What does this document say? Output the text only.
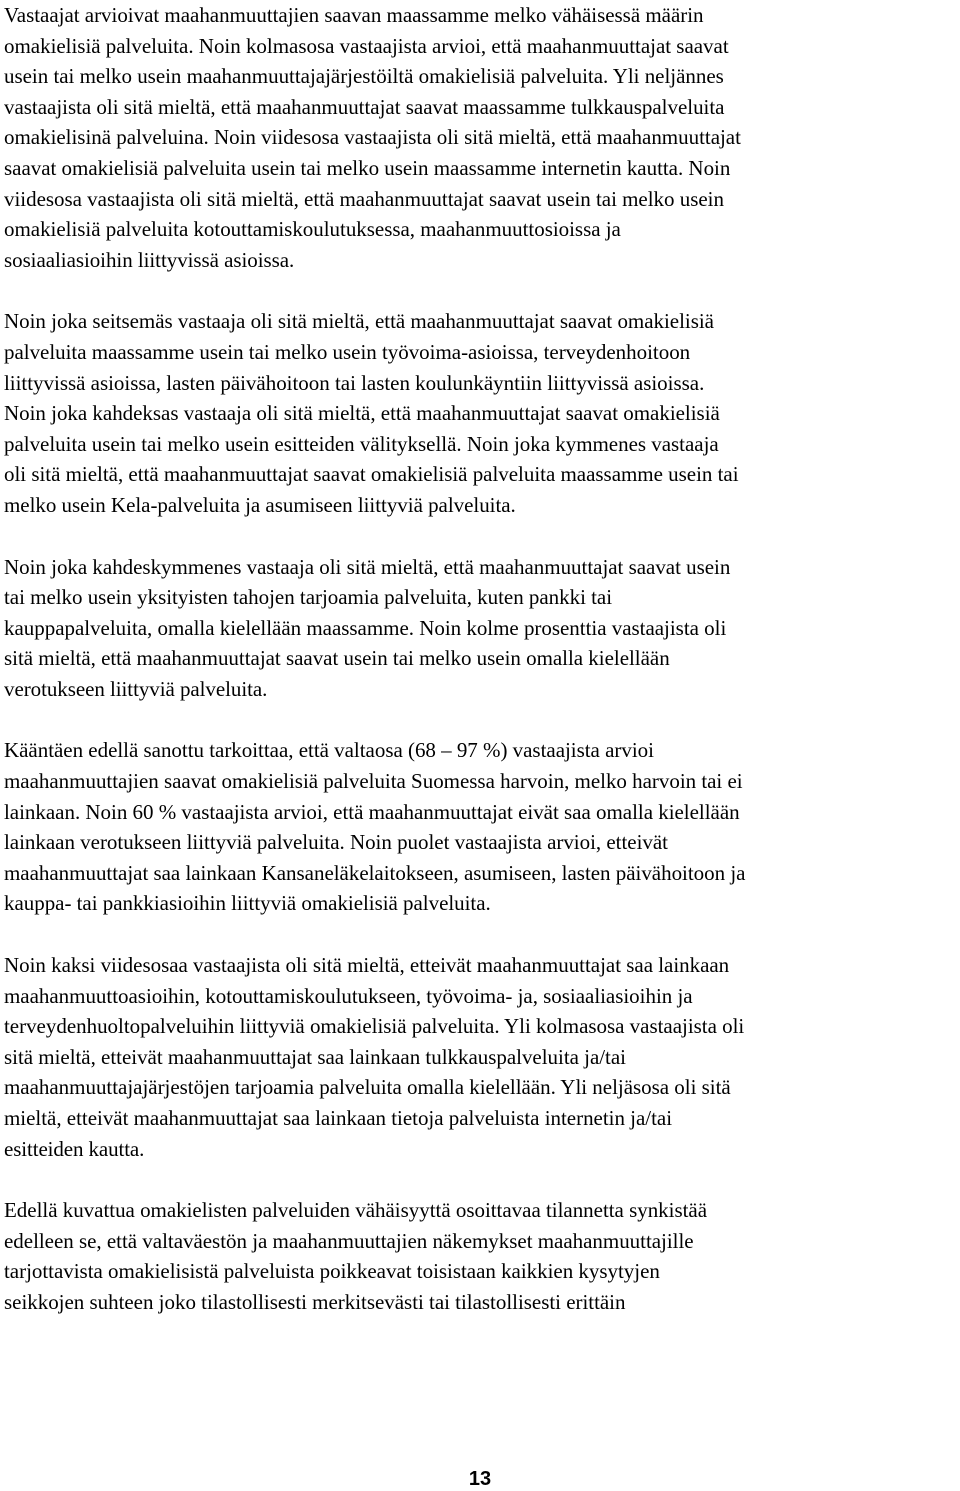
Vastaajat arvioivat maahanmuuttajien saavan maassamme melko vähäisessä määrin
omakielisiä palveluita. Noin kolmasosa vastaajista arvioi, että maahanmuuttajat saavat
usein tai melko usein maahanmuuttajajärjestöiltä omakielisiä palveluita. Yli neljännes
vastaajista oli sitä mieltä, että maahanmuuttajat saavat maassamme tulkkauspalveluita
omakielisinä palveluina. Noin viidesosa vastaajista oli sitä mieltä, että maahanmuuttajat
saavat omakielisiä palveluita usein tai melko usein maassamme internetin kautta. Noin
viidesosa vastaajista oli sitä mieltä, että maahanmuuttajat saavat usein tai melko usein
omakielisiä palveluita kotouttamiskoulutuksessa, maahanmuuttosioissa ja
sosiaaliasioihin liittyvissä asioissa.

Noin joka seitsemäs vastaaja oli sitä mieltä, että maahanmuuttajat saavat omakielisiä
palveluita maassamme usein tai melko usein työvoima-asioissa, terveydenhoitoon
liittyvissä asioissa, lasten päivähoitoon tai lasten koulunkäyntiin liittyvissä asioissa.
Noin joka kahdeksas vastaaja oli sitä mieltä, että maahanmuuttajat saavat omakielisiä
palveluita usein tai melko usein esitteiden välityksellä. Noin joka kymmenes vastaaja
oli sitä mieltä, että maahanmuuttajat saavat omakielisiä palveluita maassamme usein tai
melko usein Kela-palveluita ja asumiseen liittyviä palveluita.

Noin joka kahdeskymmenes vastaaja oli sitä mieltä, että maahanmuuttajat saavat usein
tai melko usein yksityisten tahojen tarjoamia palveluita, kuten pankki tai
kauppapalveluita, omalla kielellään maassamme. Noin kolme prosenttia vastaajista oli
sitä mieltä, että maahanmuuttajat saavat usein tai melko usein omalla kielellään
verotukseen liittyviä palveluita.

Kääntäen edellä sanottu tarkoittaa, että valtaosa (68 – 97 %) vastaajista arvioi
maahanmuuttajien saavat omakielisiä palveluita Suomessa harvoin, melko harvoin tai ei
lainkaan. Noin 60 % vastaajista arvioi, että maahanmuuttajat eivät saa omalla kielellään
lainkaan verotukseen liittyviä palveluita. Noin puolet vastaajista arvioi, etteivät
maahanmuuttajat saa lainkaan Kansaneläkelaitokseen, asumiseen, lasten päivähoitoon ja
kauppa- tai pankkiasioihin liittyviä omakielisiä palveluita.

Noin kaksi viidesosaa vastaajista oli sitä mieltä, etteivät maahanmuuttajat saa lainkaan
maahanmuuttoasioihin, kotouttamiskoulutukseen, työvoima- ja, sosiaaliasioihin ja
terveydenhuoltopalveluihin liittyviä omakielisiä palveluita. Yli kolmasosa vastaajista oli
sitä mieltä, etteivät maahanmuuttajat saa lainkaan tulkkauspalveluita ja/tai
maahanmuuttajajärjestöjen tarjoamia palveluita omalla kielellään. Yli neljäsosa oli sitä
mieltä, etteivät maahanmuuttajat saa lainkaan tietoja palveluista internetin ja/tai
esitteiden kautta.

Edellä kuvattua omakielisten palveluiden vähäisyyttä osoittavaa tilannetta synkistää
edelleen se, että valtaväestön ja maahanmuuttajien näkemykset maahanmuuttajille
tarjottavista omakielisistä palveluista poikkeavat toisistaan kaikkien kysytyjen
seikkojen suhteen joko tilastollisesti merkitsevästi tai tilastollisesti erittäin

13
